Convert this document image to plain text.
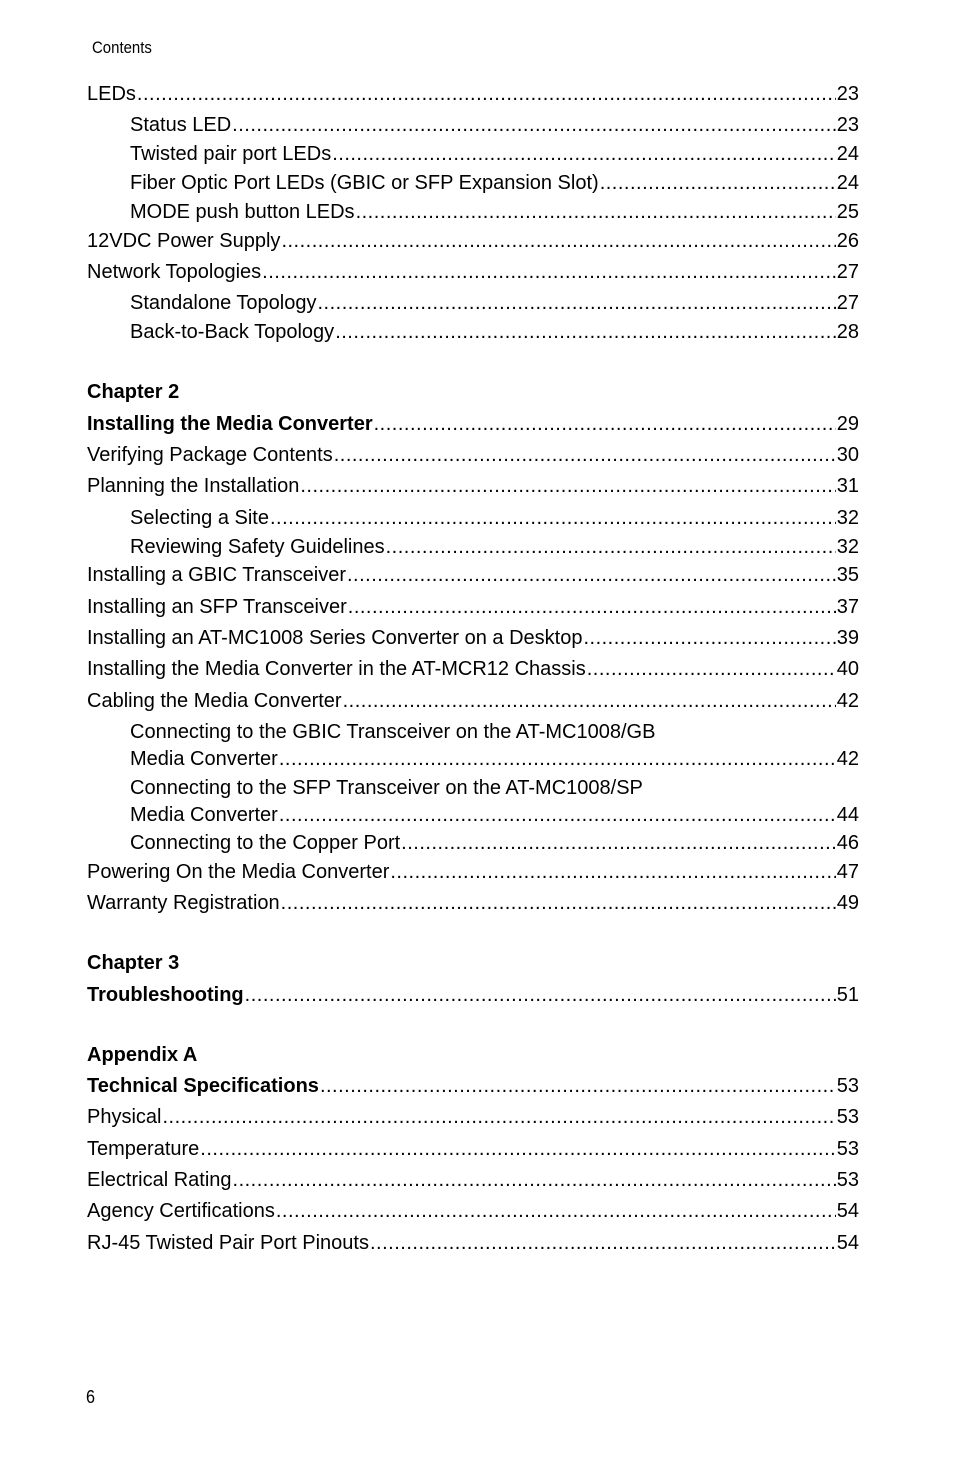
Contents
LEDs .....	23
Status LED .....	23
Twisted pair port LEDs .....	24
Fiber Optic Port LEDs (GBIC or SFP Expansion Slot) .....	24
MODE push button LEDs .....	25
12VDC Power Supply .....	26
Network Topologies .....	27
Standalone Topology .....	27
Back-to-Back Topology .....	28
Chapter 2
Installing the Media Converter .....	29
Verifying Package Contents .....	30
Planning the Installation .....	31
Selecting a Site .....	32
Reviewing Safety Guidelines .....	32
Installing a GBIC Transceiver .....	35
Installing an SFP Transceiver .....	37
Installing an AT-MC1008 Series Converter on a Desktop .....	39
Installing the Media Converter in the AT-MCR12 Chassis .....	40
Cabling the Media Converter .....	42
Connecting to the GBIC Transceiver on the AT-MC1008/GB
Media Converter .....	42
Connecting to the SFP Transceiver on the AT-MC1008/SP
Media Converter .....	44
Connecting to the Copper Port .....	46
Powering On the Media Converter .....	47
Warranty Registration .....	49
Chapter 3
Troubleshooting .....	51
Appendix A
Technical Specifications .....	53
Physical .....	53
Temperature .....	53
Electrical Rating .....	53
Agency Certifications .....	54
RJ-45 Twisted Pair Port Pinouts .....	54
6
